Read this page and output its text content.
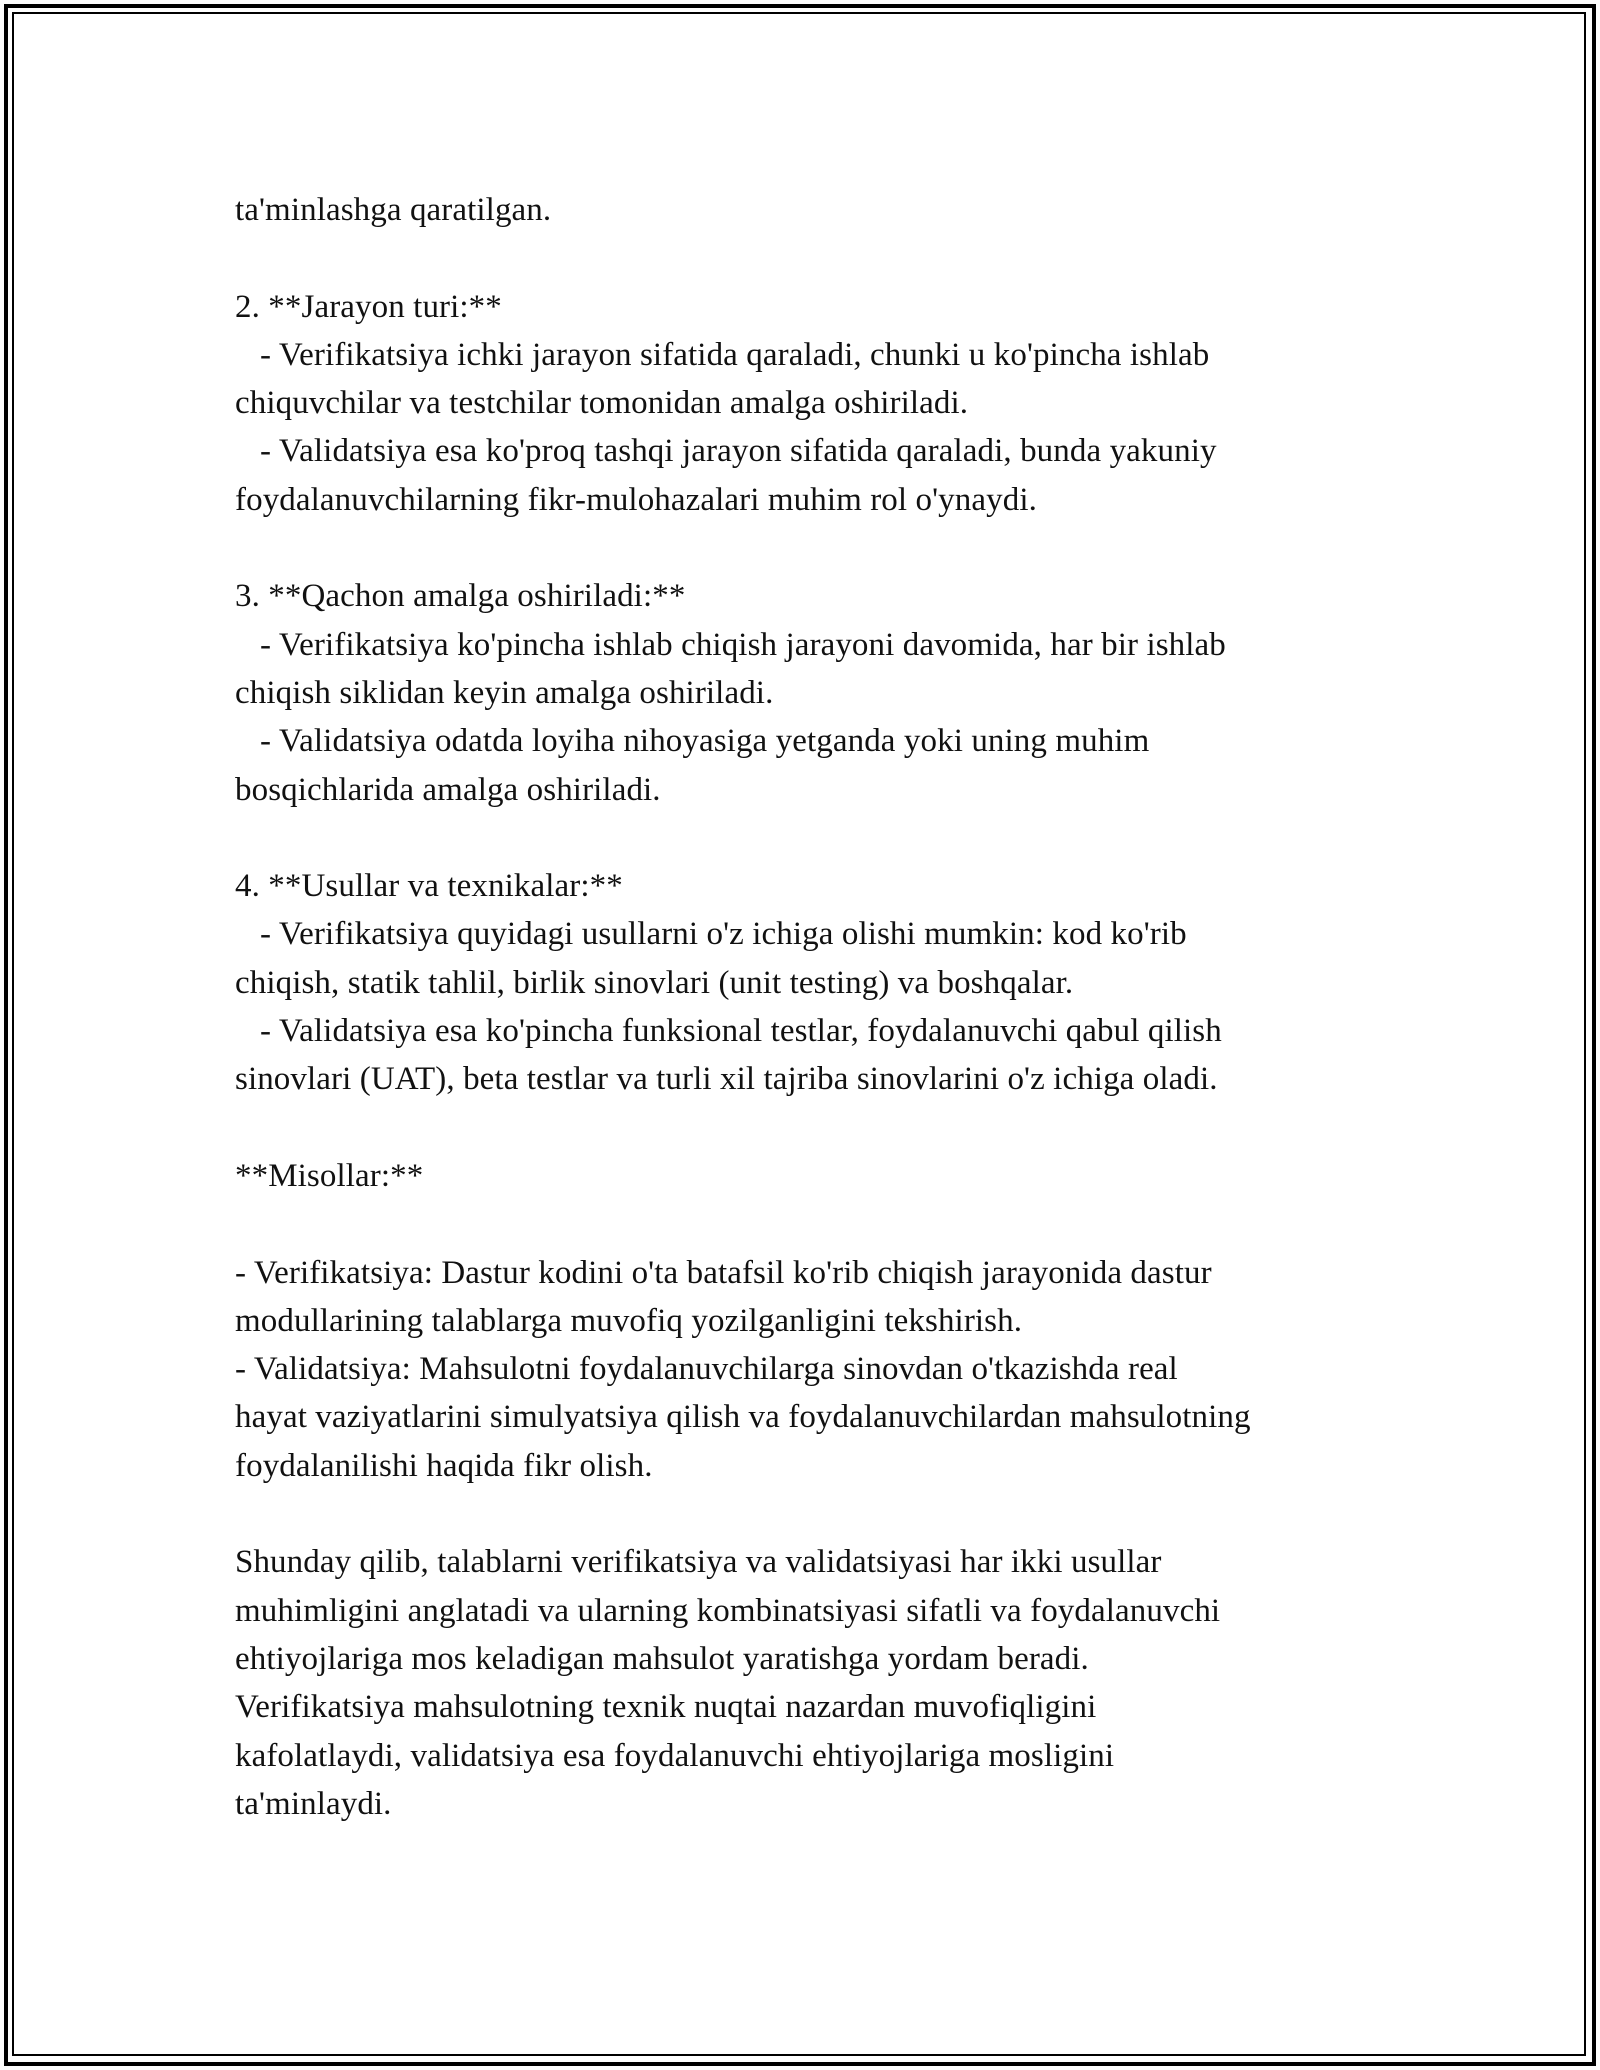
ta'minlashga qaratilgan.
2. **Jarayon turi:**
- Verifikatsiya ichki jarayon sifatida qaraladi, chunki u ko'pincha ishlab
chiquvchilar va testchilar tomonidan amalga oshiriladi.
- Validatsiya esa ko'proq tashqi jarayon sifatida qaraladi, bunda yakuniy
foydalanuvchilarning fikr-mulohazalari muhim rol o'ynaydi.
3. **Qachon amalga oshiriladi:**
- Verifikatsiya ko'pincha ishlab chiqish jarayoni davomida, har bir ishlab
chiqish siklidan keyin amalga oshiriladi.
- Validatsiya odatda loyiha nihoyasiga yetganda yoki uning muhim
bosqichlarida amalga oshiriladi.
4. **Usullar va texnikalar:**
- Verifikatsiya quyidagi usullarni o'z ichiga olishi mumkin: kod ko'rib
chiqish, statik tahlil, birlik sinovlari (unit testing) va boshqalar.
- Validatsiya esa ko'pincha funksional testlar, foydalanuvchi qabul qilish
sinovlari (UAT), beta testlar va turli xil tajriba sinovlarini o'z ichiga oladi.
**Misollar:**
- Verifikatsiya: Dastur kodini o'ta batafsil ko'rib chiqish jarayonida dastur
modullarining talablarga muvofiq yozilganligini tekshirish.
- Validatsiya: Mahsulotni foydalanuvchilarga sinovdan o'tkazishda real
hayat vaziyatlarini simulyatsiya qilish va foydalanuvchilardan mahsulotning
foydalanilishi haqida fikr olish.
Shunday qilib, talablarni verifikatsiya va validatsiyasi har ikki usullar
muhimligini anglatadi va ularning kombinatsiyasi sifatli va foydalanuvchi
ehtiyojlariga mos keladigan mahsulot yaratishga yordam beradi.
Verifikatsiya mahsulotning texnik nuqtai nazardan muvofiqligini
kafolatlaydi, validatsiya esa foydalanuvchi ehtiyojlariga mosligini
ta'minlaydi.
